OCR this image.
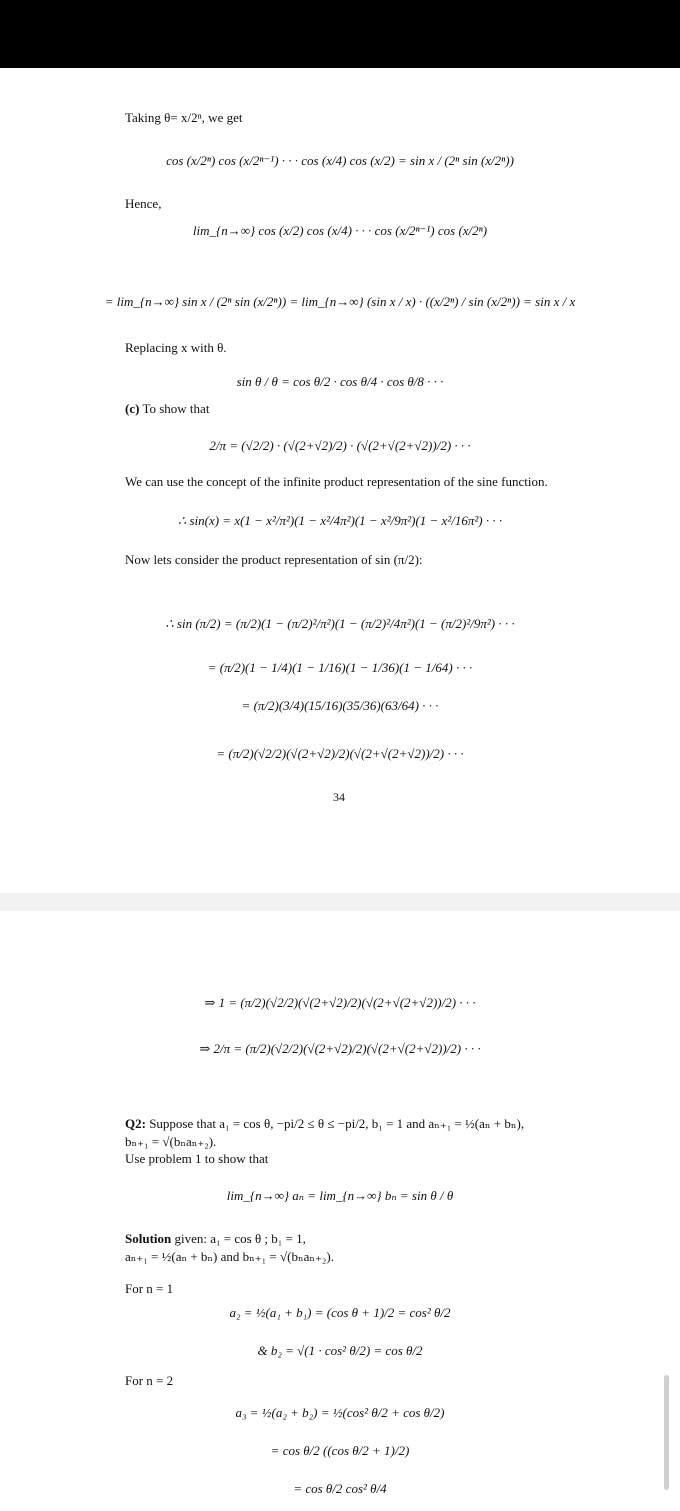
Taking θ= x/2ⁿ, we get
cos (x/2ⁿ) cos (x/2ⁿ⁻¹) · · · cos (x/4) cos (x/2) = sin x / (2ⁿ sin (x/2ⁿ))
Hence,
lim_{n→∞} cos (x/2) cos (x/4) · · · cos (x/2ⁿ⁻¹) cos (x/2ⁿ)
= lim_{n→∞} sin x / (2ⁿ sin (x/2ⁿ)) = lim_{n→∞} (sin x / x) · ((x/2ⁿ) / sin (x/2ⁿ)) = sin x / x
Replacing x with θ.
sin θ / θ = cos θ/2 · cos θ/4 · cos θ/8 · · ·
(c) To show that
2/π = (√2/2) · (√(2+√2)/2) · (√(2+√(2+√2))/2) · · ·
We can use the concept of the infinite product representation of the sine function.
∴ sin(x) = x(1 − x²/π²)(1 − x²/4π²)(1 − x²/9π²)(1 − x²/16π²) · · ·
Now lets consider the product representation of sin (π/2):
∴ sin (π/2) = (π/2)(1 − (π/2)²/π²)(1 − (π/2)²/4π²)(1 − (π/2)²/9π²) · · ·
= (π/2)(1 − 1/4)(1 − 1/16)(1 − 1/36)(1 − 1/64) · · ·
= (π/2)(3/4)(15/16)(35/36)(63/64) · · ·
= (π/2)(√2/2)(√(2+√2)/2)(√(2+√(2+√2))/2) · · ·
34
⇒ 1 = (π/2)(√2/2)(√(2+√2)/2)(√(2+√(2+√2))/2) · · ·
⇒ 2/π = (π/2)(√2/2)(√(2+√2)/2)(√(2+√(2+√2))/2) · · ·
Q2: Suppose that a₁ = cos θ, −pi/2 ≤ θ ≤ −pi/2, b₁ = 1 and aₙ₊₁ = ½(aₙ + bₙ),
bₙ₊₁ = √(bₙaₙ₊₂).
Use problem 1 to show that
lim_{n→∞} aₙ = lim_{n→∞} bₙ = sin θ / θ
Solution given: a₁ = cos θ ; b₁ = 1,
aₙ₊₁ = ½(aₙ + bₙ) and bₙ₊₁ = √(bₙaₙ₊₂).
For n = 1
a₂ = ½(a₁ + b₁) = (cos θ + 1)/2 = cos² θ/2
& b₂ = √(1 · cos² θ/2) = cos θ/2
For n = 2
a₃ = ½(a₂ + b₂) = ½(cos² θ/2 + cos θ/2)
= cos θ/2 ((cos θ/2 + 1)/2)
= cos θ/2 cos² θ/4
